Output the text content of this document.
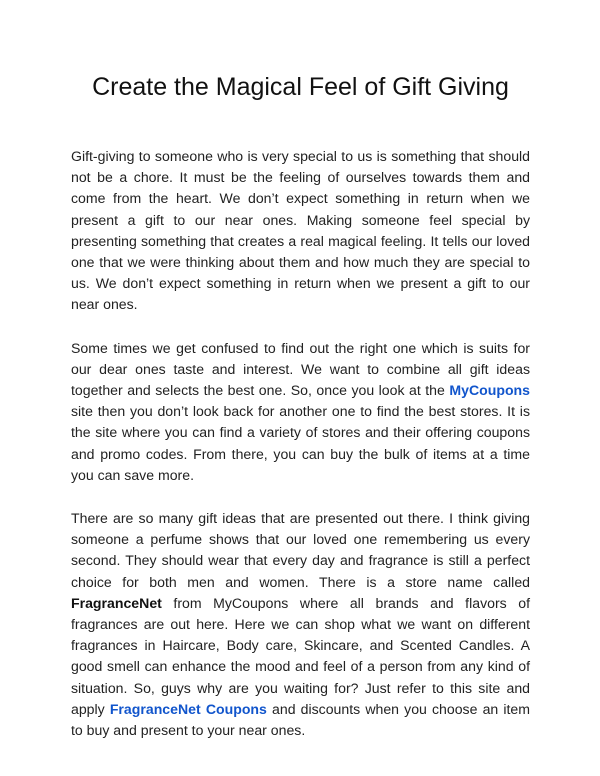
Create the Magical Feel of Gift Giving

Gift-giving to someone who is very special to us is something that should not be a chore. It must be the feeling of ourselves towards them and come from the heart. We don’t expect something in return when we present a gift to our near ones. Making someone feel special by presenting something that creates a real magical feeling. It tells our loved one that we were thinking about them and how much they are special to us. We don’t expect something in return when we present a gift to our near ones.

Some times we get confused to find out the right one which is suits for our dear ones taste and interest. We want to combine all gift ideas together and selects the best one. So, once you look at the MyCoupons site then you don’t look back for another one to find the best stores. It is the site where you can find a variety of stores and their offering coupons and promo codes. From there, you can buy the bulk of items at a time you can save more.

There are so many gift ideas that are presented out there. I think giving someone a perfume shows that our loved one remembering us every second. They should wear that every day and fragrance is still a perfect choice for both men and women. There is a store name called FragranceNet from MyCoupons where all brands and flavors of fragrances are out here. Here we can shop what we want on different fragrances in Haircare, Body care, Skincare, and Scented Candles. A good smell can enhance the mood and feel of a person from any kind of situation. So, guys why are you waiting for? Just refer to this site and apply FragranceNet Coupons and discounts when you choose an item to buy and present to your near ones.
